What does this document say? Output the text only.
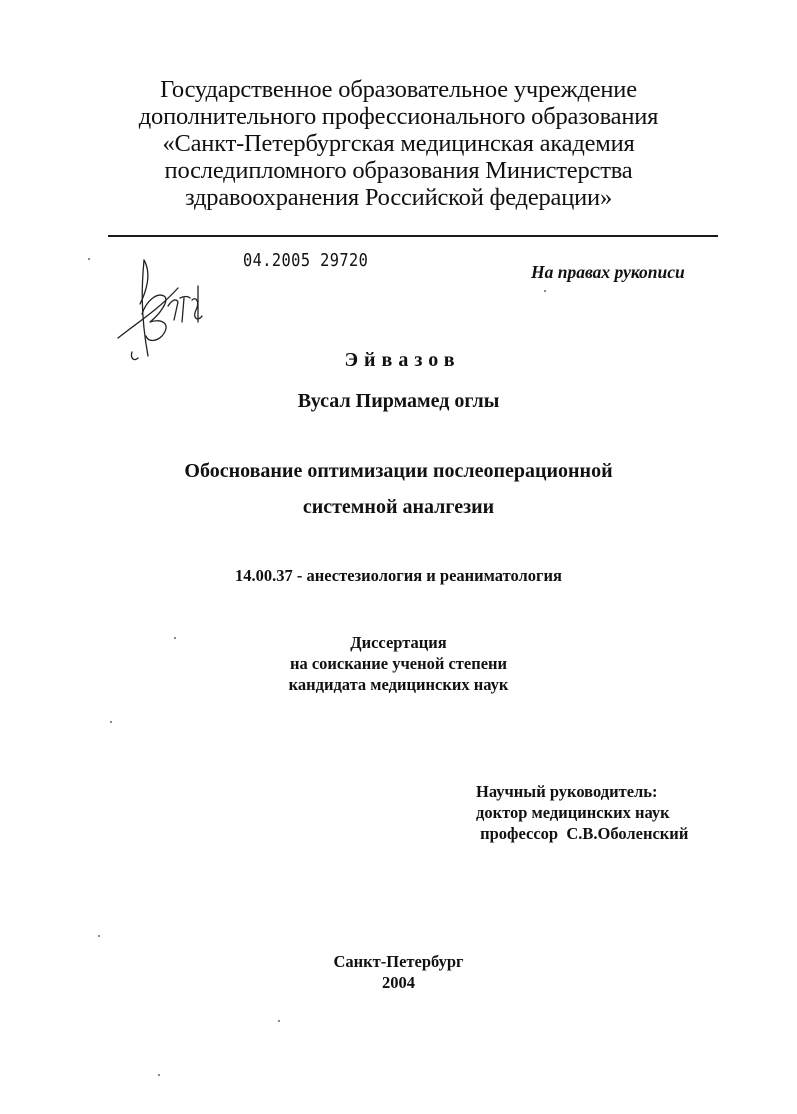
Государственное образовательное учреждение
дополнительного профессионального образования
«Санкт-Петербургская медицинская академия
последипломного образования Министерства
здравоохранения Российской федерации»
04.2005 29720
На правах рукописи
Эйвазов
Вусал Пирмамед оглы
Обоснование оптимизации послеоперационной
системной аналгезии
14.00.37 - анестезиология и реаниматология
Диссертация
на соискание ученой степени
кандидата медицинских наук
Научный руководитель:
доктор медицинских наук
профессор  С.В.Оболенский
Санкт-Петербург
2004
